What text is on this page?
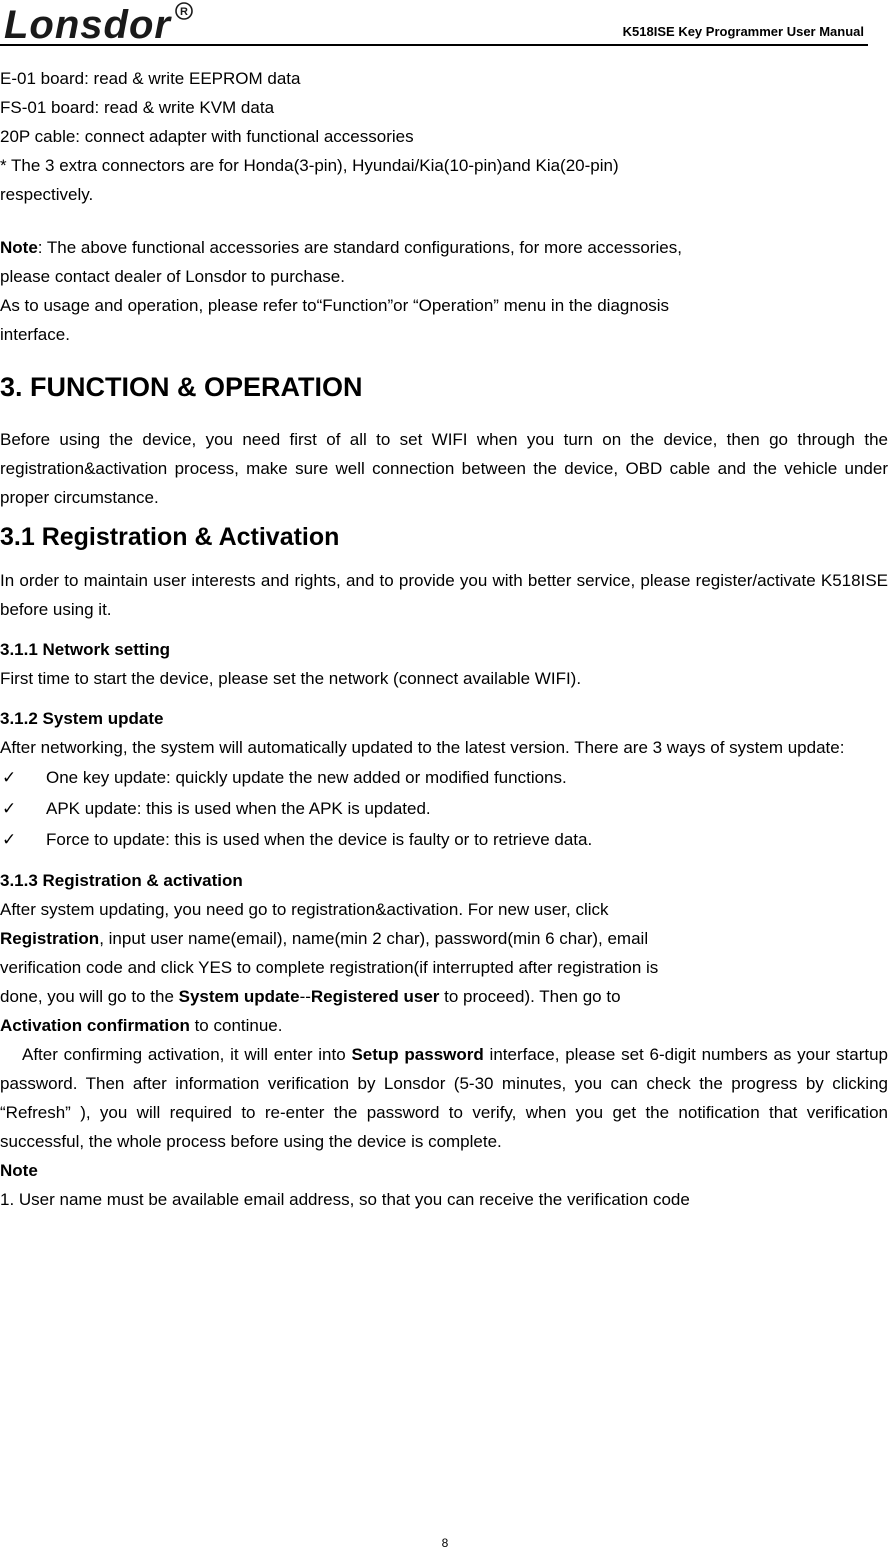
Lonsdor R
K518ISE Key Programmer User Manual

E-01 board: read & write EEPROM data

FS-01 board: read & write KVM data

20P cable: connect adapter with functional accessories

* The 3 extra connectors are for Honda(3-pin), Hyundai/Kia(10-pin)and Kia(20-pin)

respectively.

Note: The above functional accessories are standard configurations, for more accessories,

please contact dealer of Lonsdor to purchase.

As to usage and operation, please refer to“Function”or “Operation” menu in the diagnosis

interface.

3. FUNCTION & OPERATION

Before using the device, you need first of all to set WIFI when you turn on the device, then go through the registration&activation process, make sure well connection between the device, OBD cable and the vehicle under proper circumstance.

3.1 Registration & Activation

In order to maintain user interests and rights, and to provide you with better service, please register/activate K518ISE before using it.

3.1.1 Network setting

First time to start the device, please set the network (connect available WIFI).

3.1.2 System update

After networking, the system will automatically updated to the latest version. There are 3 ways of system update:

✓ One key update: quickly update the new added or modified functions.
✓ APK update: this is used when the APK is updated.
✓ Force to update: this is used when the device is faulty or to retrieve data.
3.1.3 Registration & activation

After system updating, you need go to registration&activation. For new user, click

Registration, input user name(email), name(min 2 char), password(min 6 char), email

verification code and click YES to complete registration(if interrupted after registration is

done, you will go to the System update--Registered user to proceed). Then go to

Activation confirmation to continue.

After confirming activation, it will enter into Setup password interface, please set 6-digit numbers as your startup password. Then after information verification by Lonsdor (5-30 minutes, you can check the progress by clicking “Refresh” ), you will required to re-enter the password to verify, when you get the notification that verification successful, the whole process before using the device is complete.

Note

1. User name must be available email address, so that you can receive the verification code

8
